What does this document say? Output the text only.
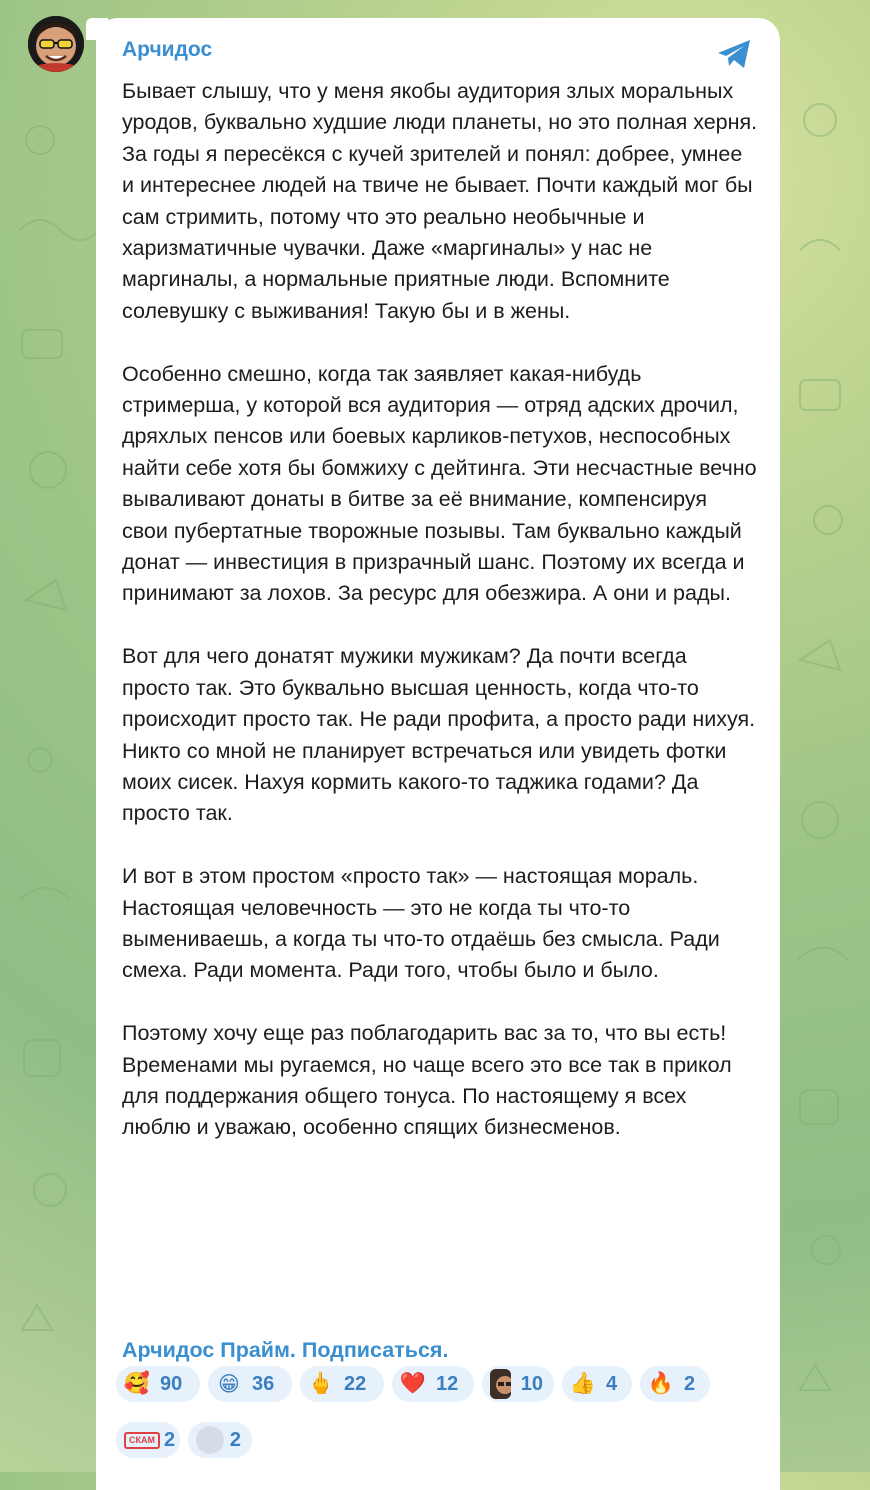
Арчидос

Бывает слышу, что у меня якобы аудитория злых моральных уродов, буквально худшие люди планеты, но это полная херня. За годы я пересёкся с кучей зрителей и понял: добрее, умнее и интереснее людей на твиче не бывает. Почти каждый мог бы сам стримить, потому что это реально необычные и харизматичные чувачки. Даже «маргиналы» у нас не маргиналы, а нормальные приятные люди. Вспомните солевушку с выживания! Такую бы и в жены.

Особенно смешно, когда так заявляет какая-нибудь стримерша, у которой вся аудитория — отряд адских дрочил, дряхлых пенсов или боевых карликов-петухов, неспособных найти себе хотя бы бомжиху с дейтинга. Эти несчастные вечно вываливают донаты в битве за её внимание, компенсируя свои пубертатные творожные позывы. Там буквально каждый донат — инвестиция в призрачный шанс. Поэтому их всегда и принимают за лохов. За ресурс для обезжира. А они и рады.

Вот для чего донатят мужики мужикам? Да почти всегда просто так. Это буквально высшая ценность, когда что-то происходит просто так. Не ради профита, а просто ради нихуя. Никто со мной не планирует встречаться или увидеть фотки моих сисек. Нахуя кормить какого-то таджика годами? Да просто так.

И вот в этом простом «просто так» — настоящая мораль. Настоящая человечность — это не когда ты что-то вымениваешь, а когда ты что-то отдаёшь без смысла. Ради смеха. Ради момента. Ради того, чтобы было и было.

Поэтому хочу еще раз поблагодарить вас за то, что вы есть! Временами мы ругаемся, но чаще всего это все так в прикол для поддержания общего тонуса. По настоящему я всех люблю и уважаю, особенно спящих бизнесменов.

Арчидос Прайм. Подписаться.
🥰 90 😁 36 🖕 22 ❤️ 12	10 👍 4 🔥 2
СКАМ 2	2
